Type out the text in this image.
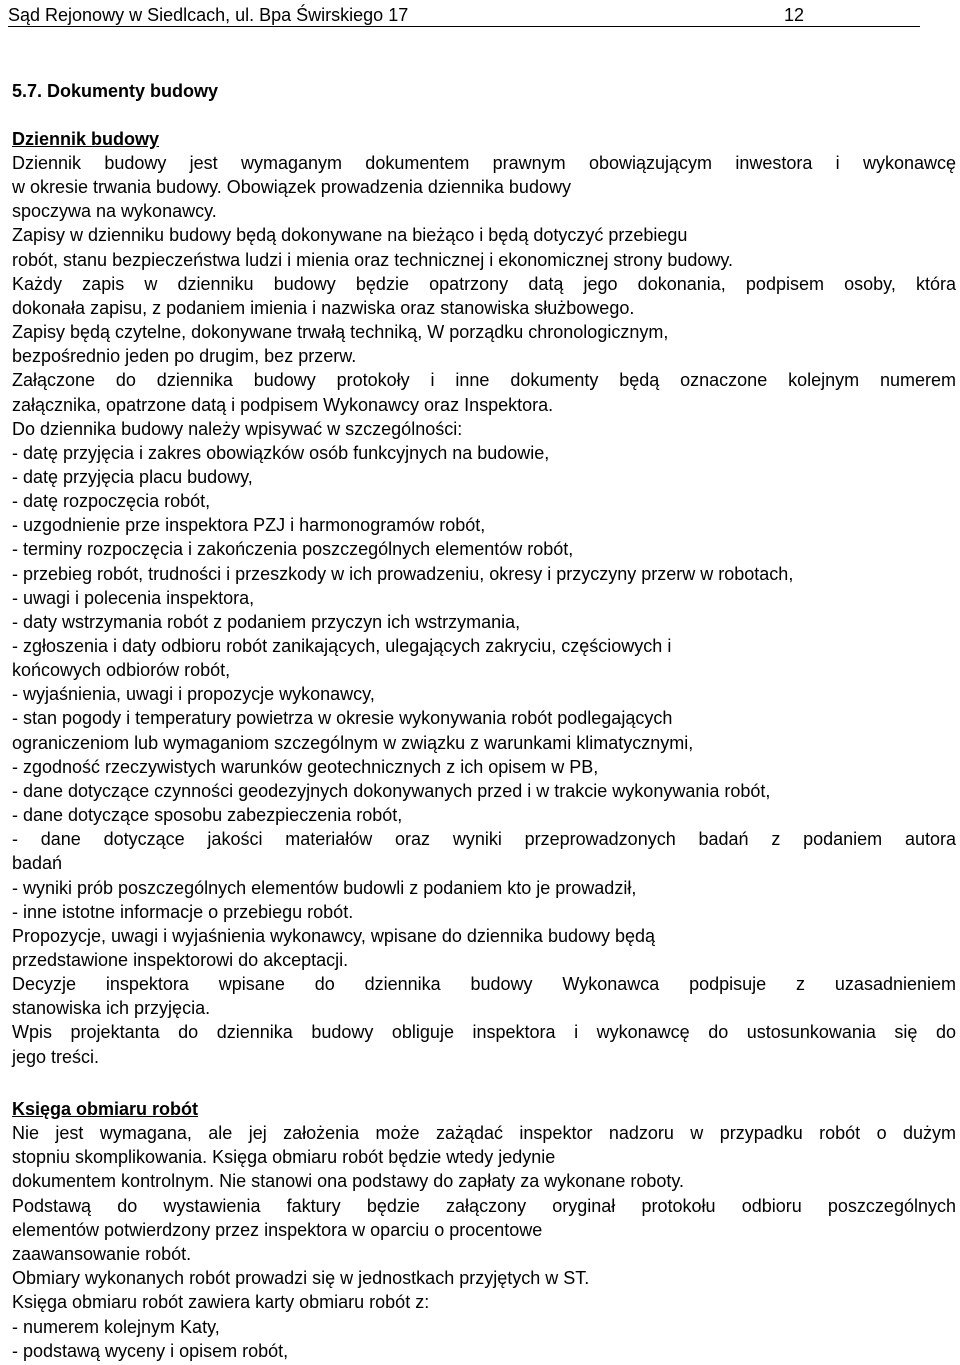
Sąd Rejonowy w Siedlcach, ul. Bpa Świrskiego 17	12
5.7. Dokumenty budowy
Dziennik budowy
Dziennik budowy jest wymaganym dokumentem prawnym obowiązującym inwestora i wykonawcę
w okresie trwania budowy. Obowiązek prowadzenia dziennika budowy
spoczywa na wykonawcy.
Zapisy w dzienniku budowy będą dokonywane na bieżąco i będą dotyczyć przebiegu
robót, stanu bezpieczeństwa ludzi i mienia oraz technicznej i ekonomicznej strony budowy.
Każdy zapis w dzienniku budowy będzie opatrzony datą jego dokonania, podpisem osoby, która
dokonała zapisu, z podaniem imienia i nazwiska oraz stanowiska służbowego.
Zapisy będą czytelne, dokonywane trwałą techniką, W porządku chronologicznym,
bezpośrednio jeden po drugim, bez przerw.
Załączone do dziennika budowy protokoły i inne dokumenty będą oznaczone kolejnym numerem
załącznika, opatrzone datą i podpisem Wykonawcy oraz Inspektora.
Do dziennika budowy należy wpisywać w szczególności:
- datę przyjęcia i zakres obowiązków osób funkcyjnych na budowie,
- datę przyjęcia placu budowy,
- datę rozpoczęcia robót,
- uzgodnienie prze inspektora PZJ i harmonogramów robót,
- terminy rozpoczęcia i zakończenia poszczególnych elementów robót,
- przebieg robót, trudności i przeszkody w ich prowadzeniu, okresy i przyczyny przerw w robotach,
- uwagi i polecenia inspektora,
- daty wstrzymania robót z podaniem przyczyn ich wstrzymania,
- zgłoszenia i daty odbioru robót zanikających, ulegających zakryciu, częściowych i
końcowych odbiorów robót,
- wyjaśnienia, uwagi i propozycje wykonawcy,
- stan pogody i temperatury powietrza w okresie wykonywania robót podlegających
ograniczeniom lub wymaganiom szczególnym w związku z warunkami klimatycznymi,
- zgodność rzeczywistych warunków geotechnicznych z ich opisem w PB,
- dane dotyczące czynności geodezyjnych dokonywanych przed i w trakcie wykonywania robót,
- dane dotyczące sposobu zabezpieczenia robót,
- dane dotyczące jakości materiałów oraz wyniki przeprowadzonych badań z podaniem autora
badań
- wyniki prób poszczególnych elementów budowli z podaniem kto je prowadził,
- inne istotne informacje o przebiegu robót.
Propozycje, uwagi i wyjaśnienia wykonawcy, wpisane do dziennika budowy będą
przedstawione inspektorowi do akceptacji.
Decyzje inspektora wpisane do dziennika budowy Wykonawca podpisuje z uzasadnieniem
stanowiska ich przyjęcia.
Wpis projektanta do dziennika budowy obliguje inspektora i wykonawcę do ustosunkowania się do
jego treści.
Księga obmiaru robót
Nie jest wymagana, ale jej założenia może zażądać inspektor nadzoru w przypadku robót o dużym
stopniu skomplikowania. Księga obmiaru robót będzie wtedy jedynie
dokumentem kontrolnym. Nie stanowi ona podstawy do zapłaty za wykonane roboty.
Podstawą do wystawienia faktury będzie załączony oryginał protokołu odbioru poszczególnych
elementów potwierdzony przez inspektora w oparciu o procentowe
zaawansowanie robót.
Obmiary wykonanych robót prowadzi się w jednostkach przyjętych w ST.
Księga obmiaru robót zawiera karty obmiaru robót z:
- numerem kolejnym Katy,
- podstawą wyceny i opisem robót,
